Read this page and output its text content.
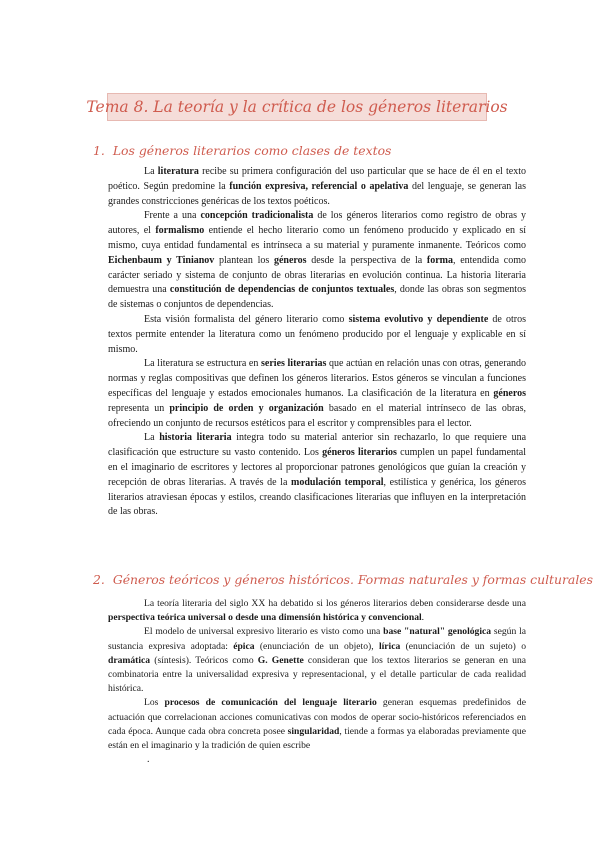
Tema 8. La teoría y la crítica de los géneros literarios
1. Los géneros literarios como clases de textos

La literatura recibe su primera configuración del uso particular que se hace de él en el texto poético. Según predomine la función expresiva, referencial o apelativa del lenguaje, se generan las grandes constricciones genéricas de los textos poéticos.

Frente a una concepción tradicionalista de los géneros literarios como registro de obras y autores, el formalismo entiende el hecho literario como un fenómeno producido y explicado en sí mismo, cuya entidad fundamental es intrínseca a su material y puramente inmanente. Teóricos como Eichenbaum y Tinianov plantean los géneros desde la perspectiva de la forma, entendida como carácter seriado y sistema de conjunto de obras literarias en evolución continua. La historia literaria demuestra una constitución de dependencias de conjuntos textuales, donde las obras son segmentos de sistemas o conjuntos de dependencias.

Esta visión formalista del género literario como sistema evolutivo y dependiente de otros textos permite entender la literatura como un fenómeno producido por el lenguaje y explicable en sí mismo.

La literatura se estructura en series literarias que actúan en relación unas con otras, generando normas y reglas compositivas que definen los géneros literarios. Estos géneros se vinculan a funciones específicas del lenguaje y estados emocionales humanos. La clasificación de la literatura en géneros representa un principio de orden y organización basado en el material intrínseco de las obras, ofreciendo un conjunto de recursos estéticos para el escritor y comprensibles para el lector.

La historia literaria integra todo su material anterior sin rechazarlo, lo que requiere una clasificación que estructure su vasto contenido. Los géneros literarios cumplen un papel fundamental en el imaginario de escritores y lectores al proporcionar patrones genológicos que guían la creación y recepción de obras literarias. A través de la modulación temporal, estilística y genérica, los géneros literarios atraviesan épocas y estilos, creando clasificaciones literarias que influyen en la interpretación de las obras.

2. Géneros teóricos y géneros históricos. Formas naturales y formas culturales

La teoría literaria del siglo XX ha debatido si los géneros literarios deben considerarse desde una perspectiva teórica universal o desde una dimensión histórica y convencional.

El modelo de universal expresivo literario es visto como una base "natural" genológica según la sustancia expresiva adoptada: épica (enunciación de un objeto), lírica (enunciación de un sujeto) o dramática (síntesis). Teóricos como G. Genette consideran que los textos literarios se generan en una combinatoria entre la universalidad expresiva y representacional, y el detalle particular de cada realidad histórica.

Los procesos de comunicación del lenguaje literario generan esquemas predefinidos de actuación que correlacionan acciones comunicativas con modos de operar socio-históricos referenciados en cada época. Aunque cada obra concreta posee singularidad, tiende a formas ya elaboradas previamente que están en el imaginario y la tradición de quien escribe

.
